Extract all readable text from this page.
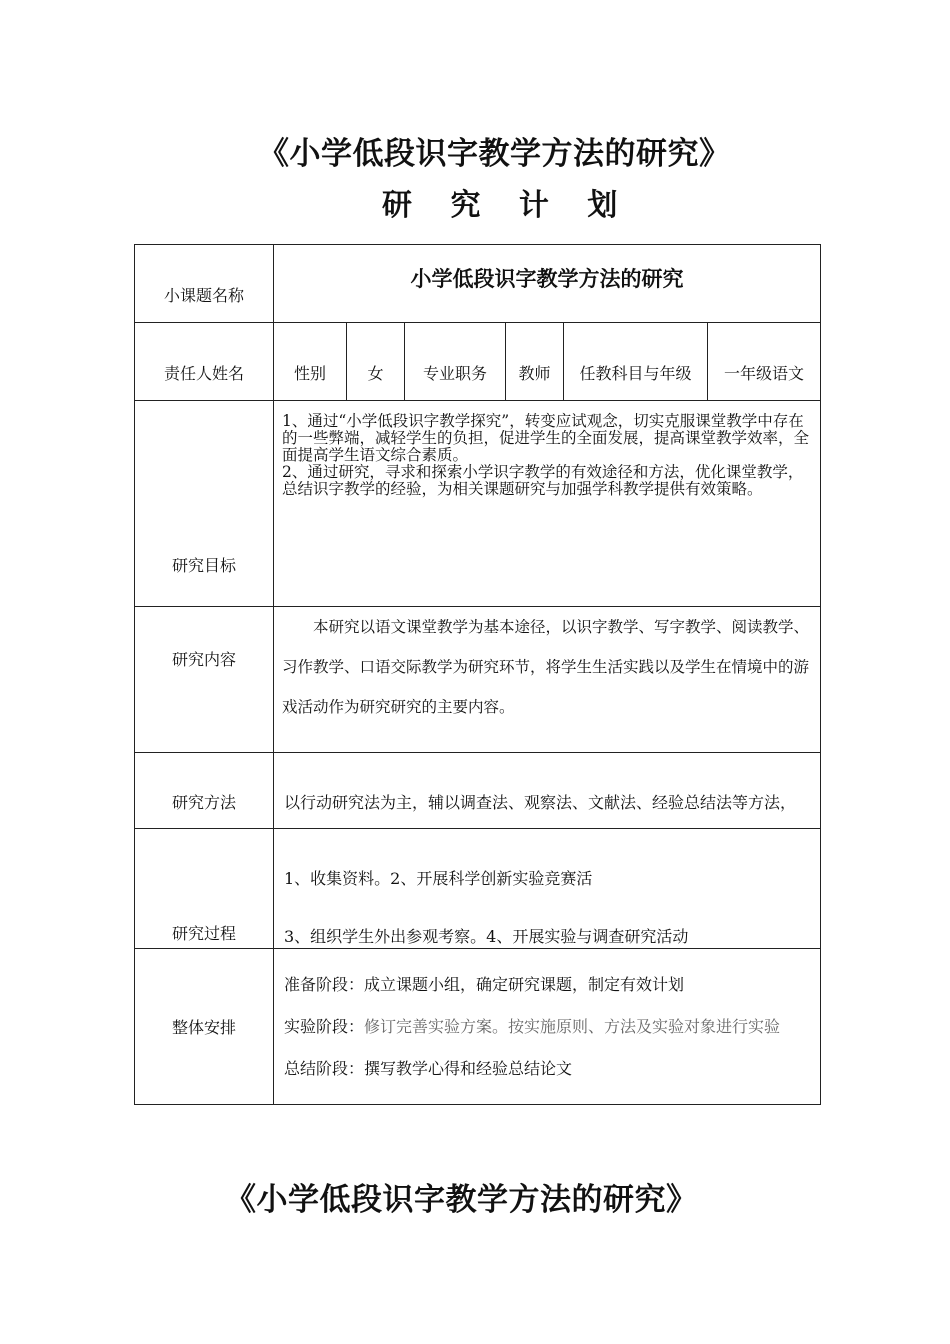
《小学低段识字教学方法的研究》
研 究 计 划
小课题名称	小学低段识字教学方法的研究					
责任人姓名	性别	女	专业职务	教师	任教科目与年级	一年级语文
研究目标	1、通过“小学低段识字教学探究”，转变应试观念，切实克服课堂教学中存在的一些弊端，减轻学生的负担，促进学生的全面发展，提高课堂教学效率，全面提高学生语文综合素质。

2、通过研究，寻求和探索小学识字教学的有效途径和方法，优化课堂教学，总结识字教学的经验，为相关课题研究与加强学科教学提供有效策略。					

研究内容	本研究以语文课堂教学为基本途径，以识字教学、写字教学、阅读教学、习作教学、口语交际教学为研究环节，将学生生活实践以及学生在情境中的游戏活动作为研究研究的主要内容。					
研究方法	以行动研究法为主，辅以调查法、观察法、文献法、经验总结法等方法，					
研究过程	1、收集资料。2、开展科学创新实验竞赛活

3、组织学生外出参观考察。4、开展实验与调查研究活动					

整体安排	准备阶段：成立课题小组，确定研究课题，制定有效计划

实验阶段：修订完善实验方案。按实施原则、方法及实验对象进行实验

总结阶段：撰写教学心得和经验总结论文					

《小学低段识字教学方法的研究》
